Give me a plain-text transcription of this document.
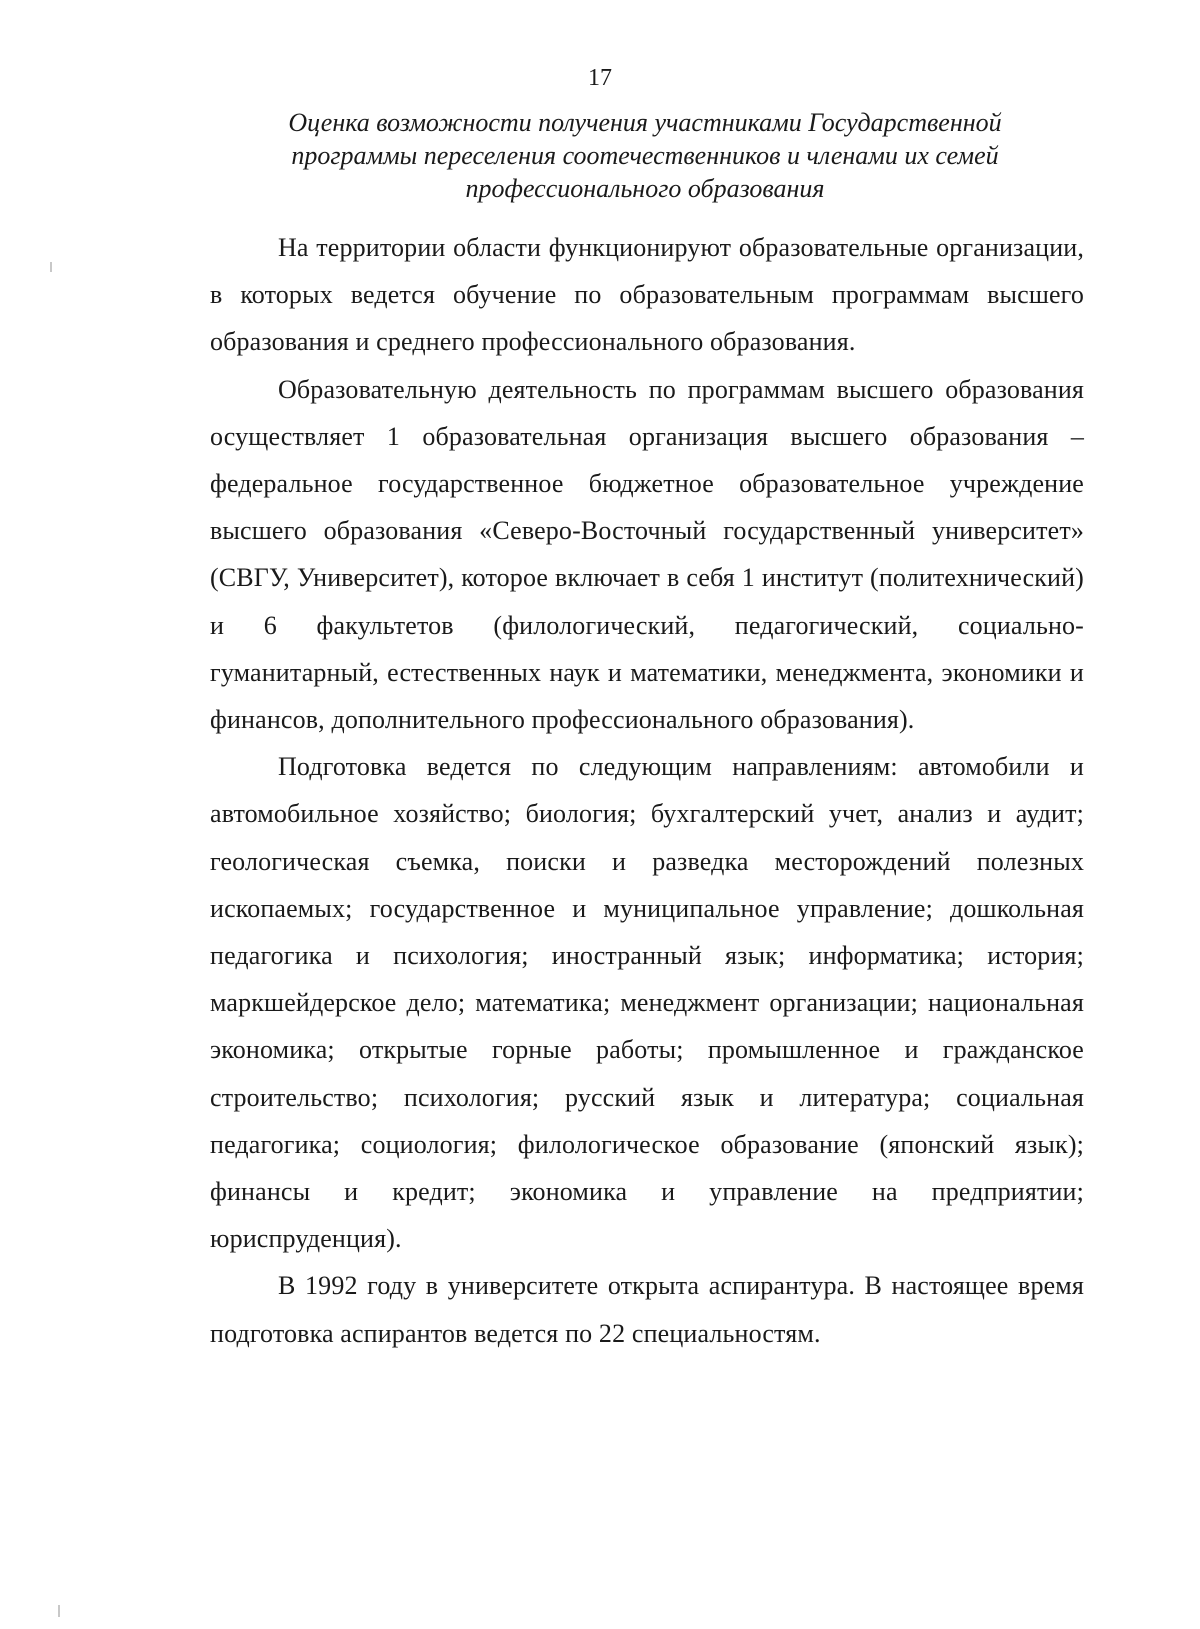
17
Оценка возможности получения участниками Государственной
программы переселения соотечественников и членами их семей
профессионального образования

На территории области функционируют образовательные организации, в которых ведется обучение по образовательным программам высшего образования и среднего профессионального образования.

Образовательную деятельность по программам высшего образования осуществляет 1 образовательная организация высшего образования – федеральное государственное бюджетное образовательное учреждение высшего образования «Северо-Восточный государственный университет» (СВГУ, Университет), которое включает в себя 1 институт (политехнический) и 6 факультетов (филологический, педагогический, социально-гуманитарный, естественных наук и математики, менеджмента, экономики и финансов, дополнительного профессионального образования).

Подготовка ведется по следующим направлениям: автомобили и автомобильное хозяйство; биология; бухгалтерский учет, анализ и аудит; геологическая съемка, поиски и разведка месторождений полезных ископаемых; государственное и муниципальное управление; дошкольная педагогика и психология; иностранный язык; информатика; история; маркшейдерское дело; математика; менеджмент организации; национальная экономика; открытые горные работы; промышленное и гражданское строительство; психология; русский язык и литература; социальная педагогика; социология; филологическое образование (японский язык); финансы и кредит; экономика и управление на предприятии; юриспруденция).

В 1992 году в университете открыта аспирантура. В настоящее время подготовка аспирантов ведется по 22 специальностям.
